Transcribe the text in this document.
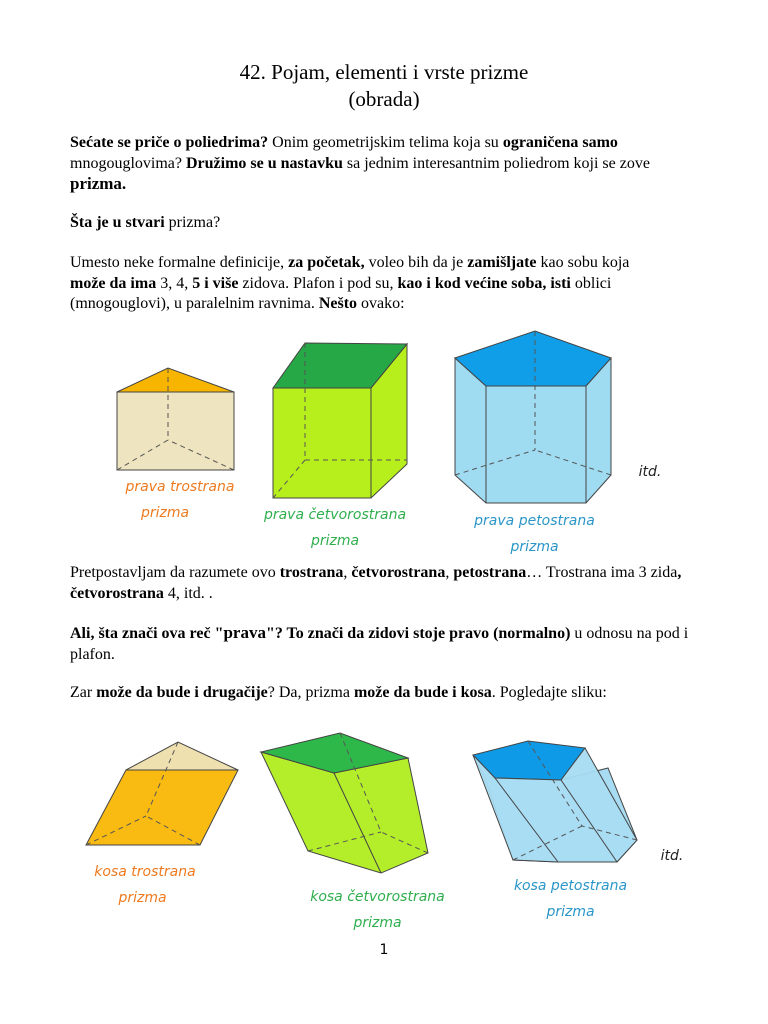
42. Pojam, elementi i vrste prizme
(obrada)
Sećate se priče o poliedrima? Onim geometrijskim telima koja su ograničena samo
mnogouglovima? Družimo se u nastavku sa jednim interesantnim poliedrom koji se zove prizma.
Šta je u stvari prizma?
Umesto neke formalne definicije, za početak, voleo bih da je zamišljate kao sobu koja
može da ima 3, 4, 5 i više zidova. Plafon i pod su, kao i kod većine soba, isti oblici (mnogouglovi), u paralelnim ravnima. Nešto ovako:
prava trostrana
prizma	prava četvorostrana
prizma
prava petostrana
prizma
itd.
Pretpostavljam da razumete ovo trostrana, četvorostrana, petostrana… Trostrana ima 3 zida, četvorostrana 4, itd. .
Ali, šta znači ova reč "prava"? To znači da zidovi stoje pravo (normalno) u odnosu na pod i plafon.
Zar može da bude i drugačije? Da, prizma može da bude i kosa. Pogledajte sliku:
kosa trostrana
prizma	kosa četvorostrana
prizma
kosa petostrana
prizma
itd.
1
